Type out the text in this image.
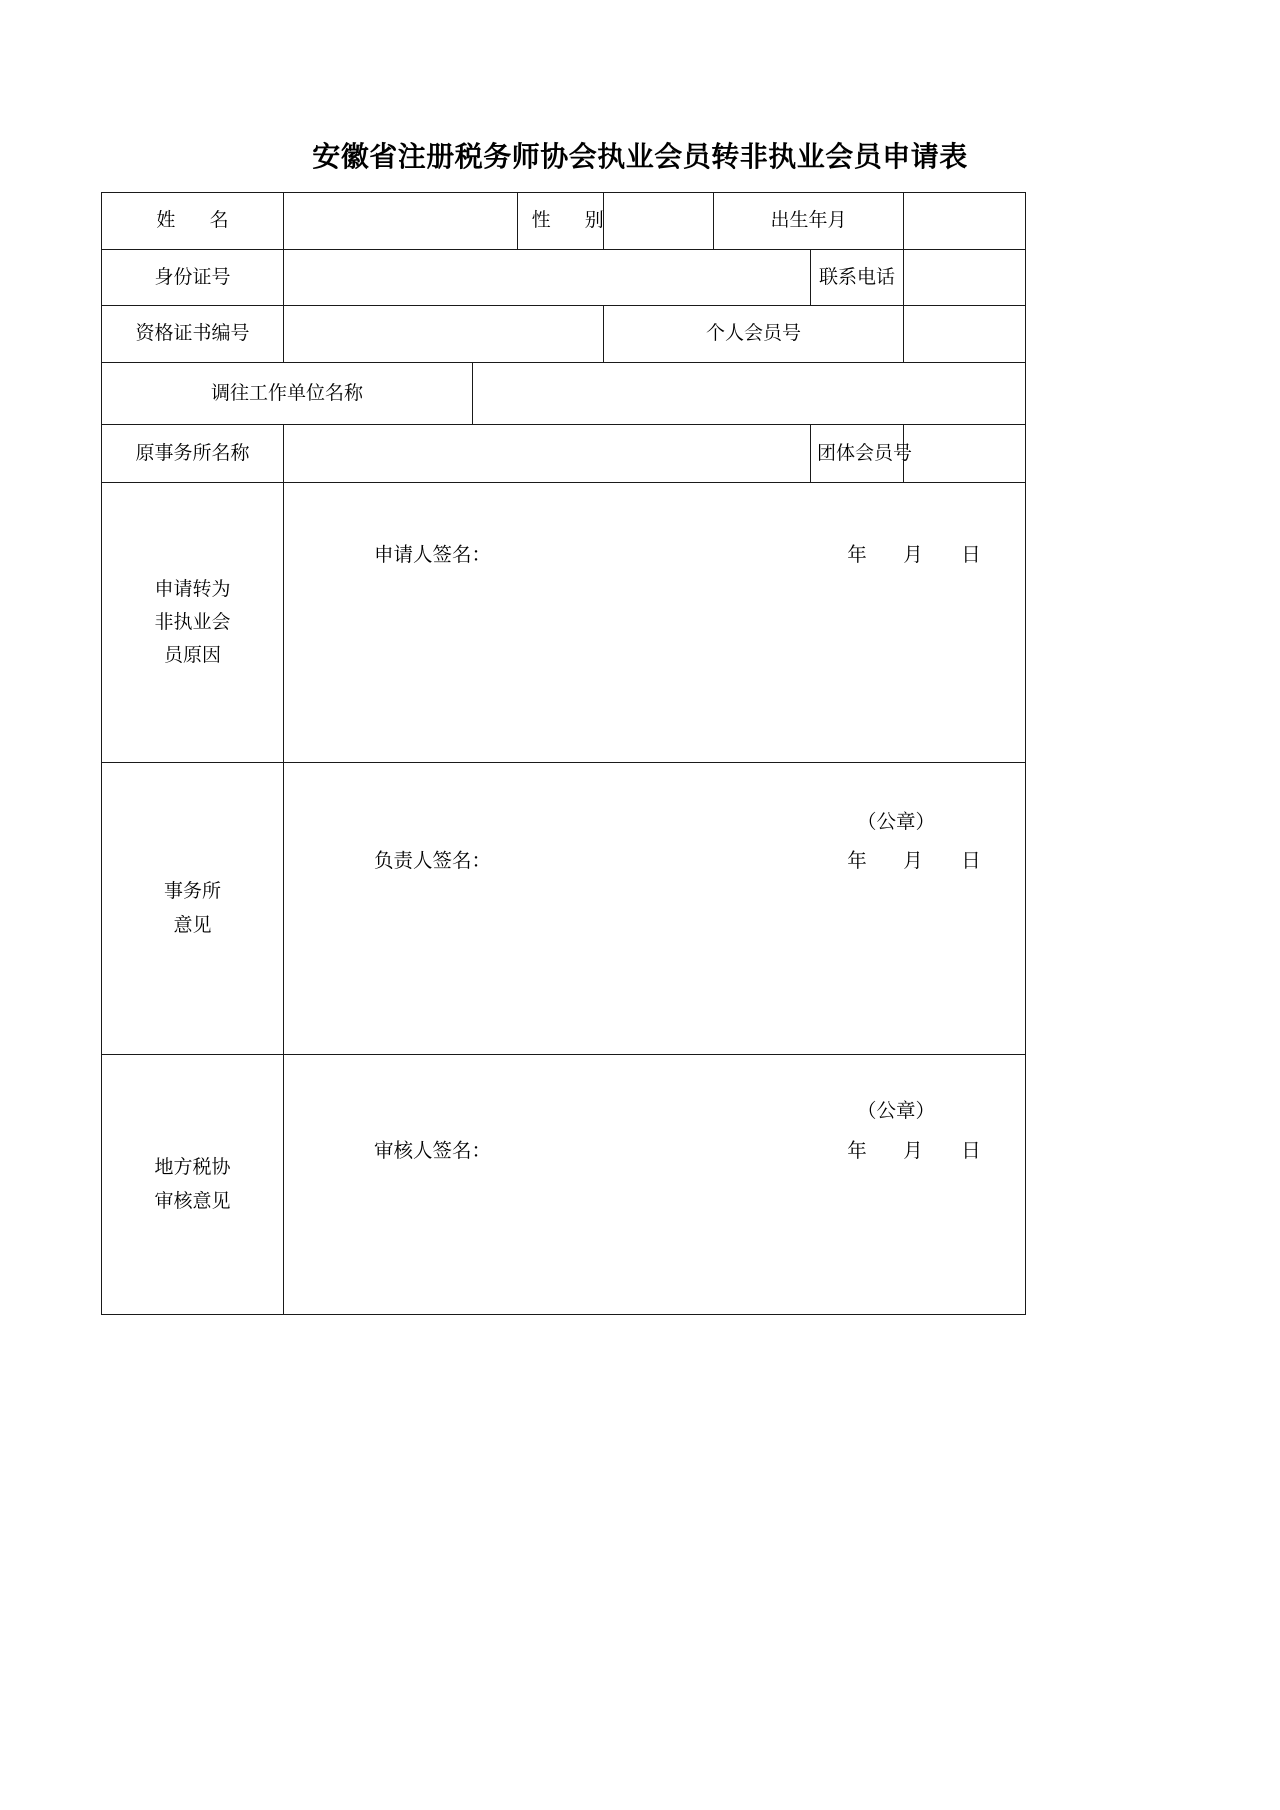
安徽省注册税务师协会执业会员转非执业会员申请表
姓　名			性　别		出生年月		
身份证号						联系电话	
资格证书编号				个人会员号			
调往工作单位名称							
原事务所名称						团体会员号	
申请转为
非执业会
员原因	申请人签名： 年 月 日						

事务所
意见	
（公章）
负责人签名：	年 月 日

地方税协
审核意见	
（公章）
审核人签名：	年 月 日
